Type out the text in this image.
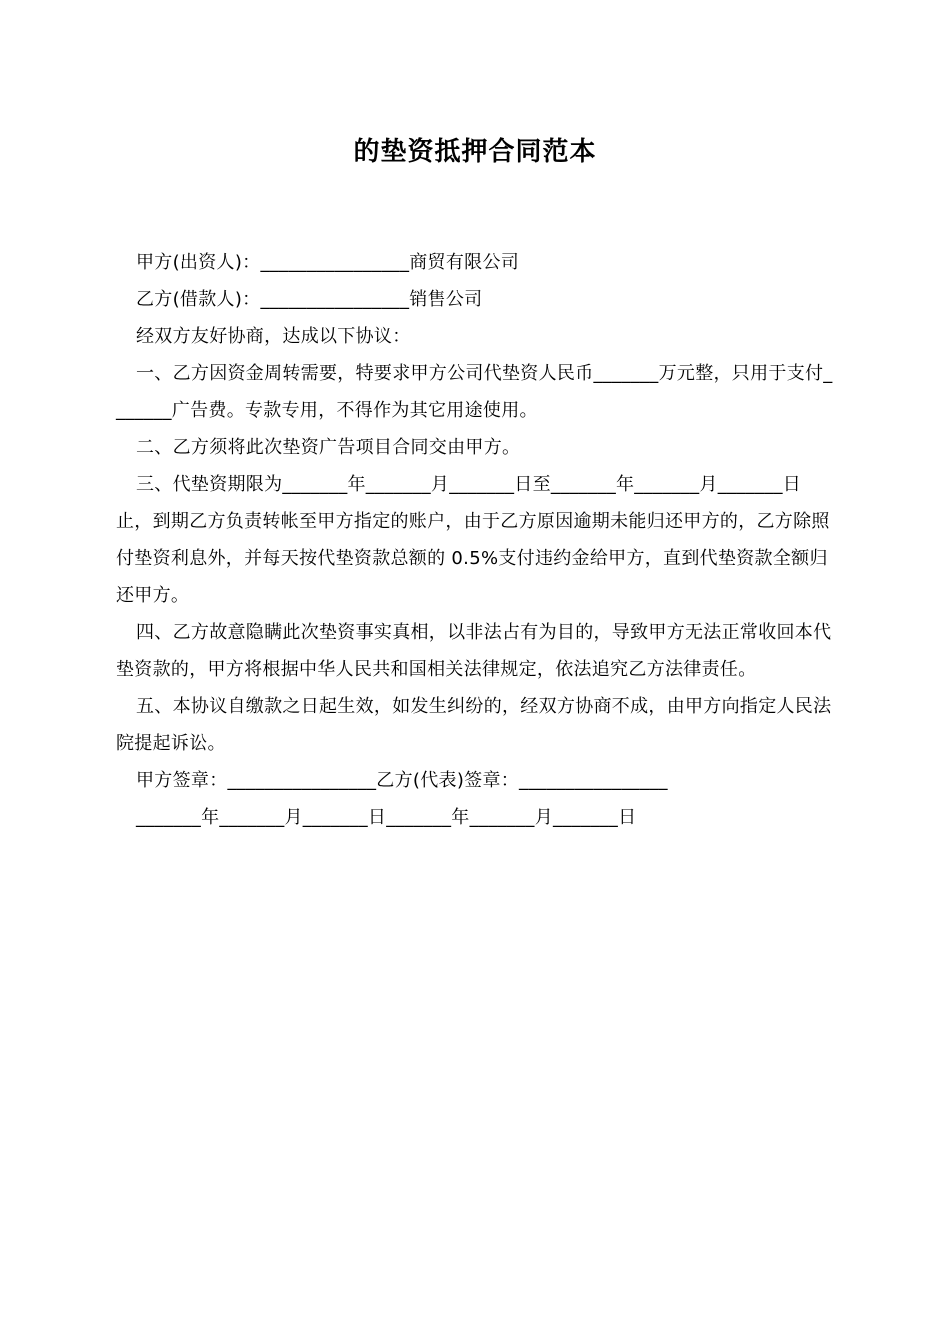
的垫资抵押合同范本

甲方(出资人)：________________商贸有限公司

乙方(借款人)：________________销售公司

经双方友好协商，达成以下协议：

一、乙方因资金周转需要，特要求甲方公司代垫资人民币_______万元整，只用于支付_______广告费。专款专用，不得作为其它用途使用。

二、乙方须将此次垫资广告项目合同交由甲方。

三、代垫资期限为_______年_______月_______日至_______年_______月_______日止，到期乙方负责转帐至甲方指定的账户，由于乙方原因逾期未能归还甲方的，乙方除照付垫资利息外，并每天按代垫资款总额的 0.5%支付违约金给甲方，直到代垫资款全额归还甲方。

四、乙方故意隐瞒此次垫资事实真相，以非法占有为目的，导致甲方无法正常收回本代垫资款的，甲方将根据中华人民共和国相关法律规定，依法追究乙方法律责任。

五、本协议自缴款之日起生效，如发生纠纷的，经双方协商不成，由甲方向指定人民法院提起诉讼。

甲方签章：________________乙方(代表)签章：________________

_______年_______月_______日_______年_______月_______日
